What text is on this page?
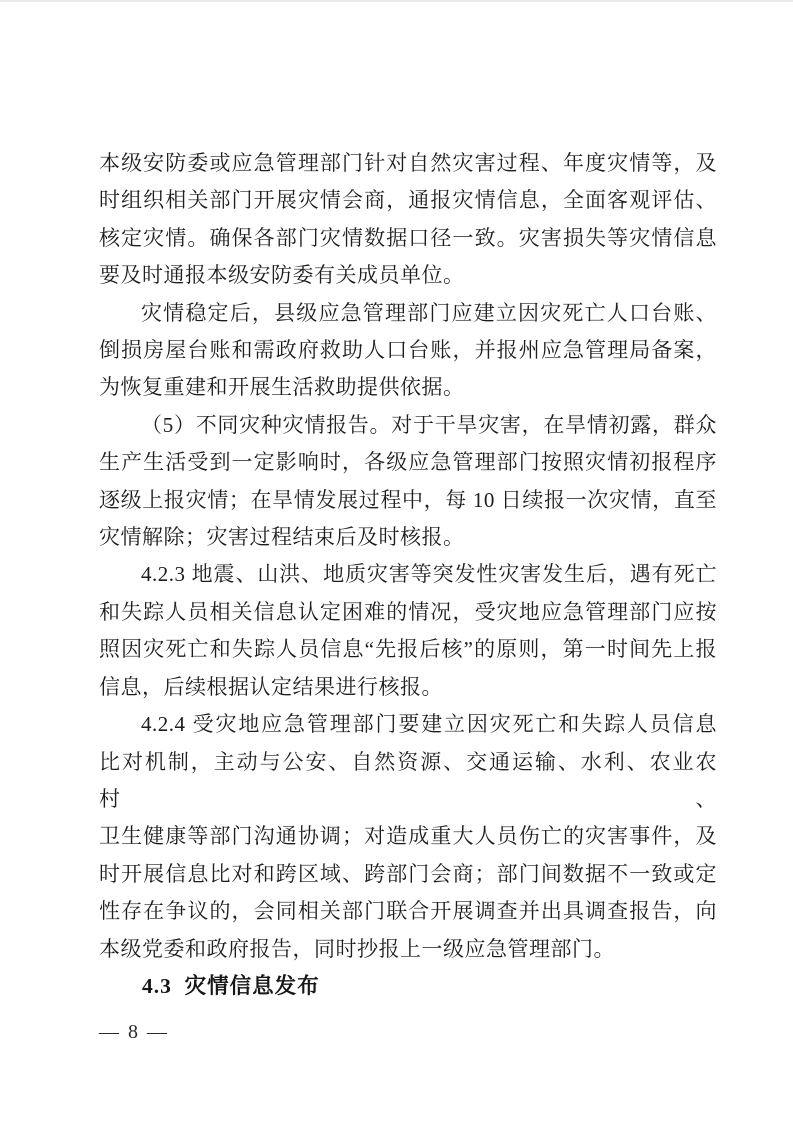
本级安防委或应急管理部门针对自然灾害过程、年度灾情等，及
时组织相关部门开展灾情会商，通报灾情信息，全面客观评估、
核定灾情。确保各部门灾情数据口径一致。灾害损失等灾情信息
要及时通报本级安防委有关成员单位。
灾情稳定后，县级应急管理部门应建立因灾死亡人口台账、
倒损房屋台账和需政府救助人口台账，并报州应急管理局备案，
为恢复重建和开展生活救助提供依据。
（5）不同灾种灾情报告。对于干旱灾害，在旱情初露，群众
生产生活受到一定影响时，各级应急管理部门按照灾情初报程序
逐级上报灾情；在旱情发展过程中，每 10 日续报一次灾情，直至
灾情解除；灾害过程结束后及时核报。
4.2.3 地震、山洪、地质灾害等突发性灾害发生后，遇有死亡
和失踪人员相关信息认定困难的情况，受灾地应急管理部门应按
照因灾死亡和失踪人员信息“先报后核”的原则，第一时间先上报
信息，后续根据认定结果进行核报。
4.2.4 受灾地应急管理部门要建立因灾死亡和失踪人员信息
比对机制，主动与公安、自然资源、交通运输、水利、农业农村、
卫生健康等部门沟通协调；对造成重大人员伤亡的灾害事件，及
时开展信息比对和跨区域、跨部门会商；部门间数据不一致或定
性存在争议的，会同相关部门联合开展调查并出具调查报告，向
本级党委和政府报告，同时抄报上一级应急管理部门。
4.3  灾情信息发布
— 8 —
